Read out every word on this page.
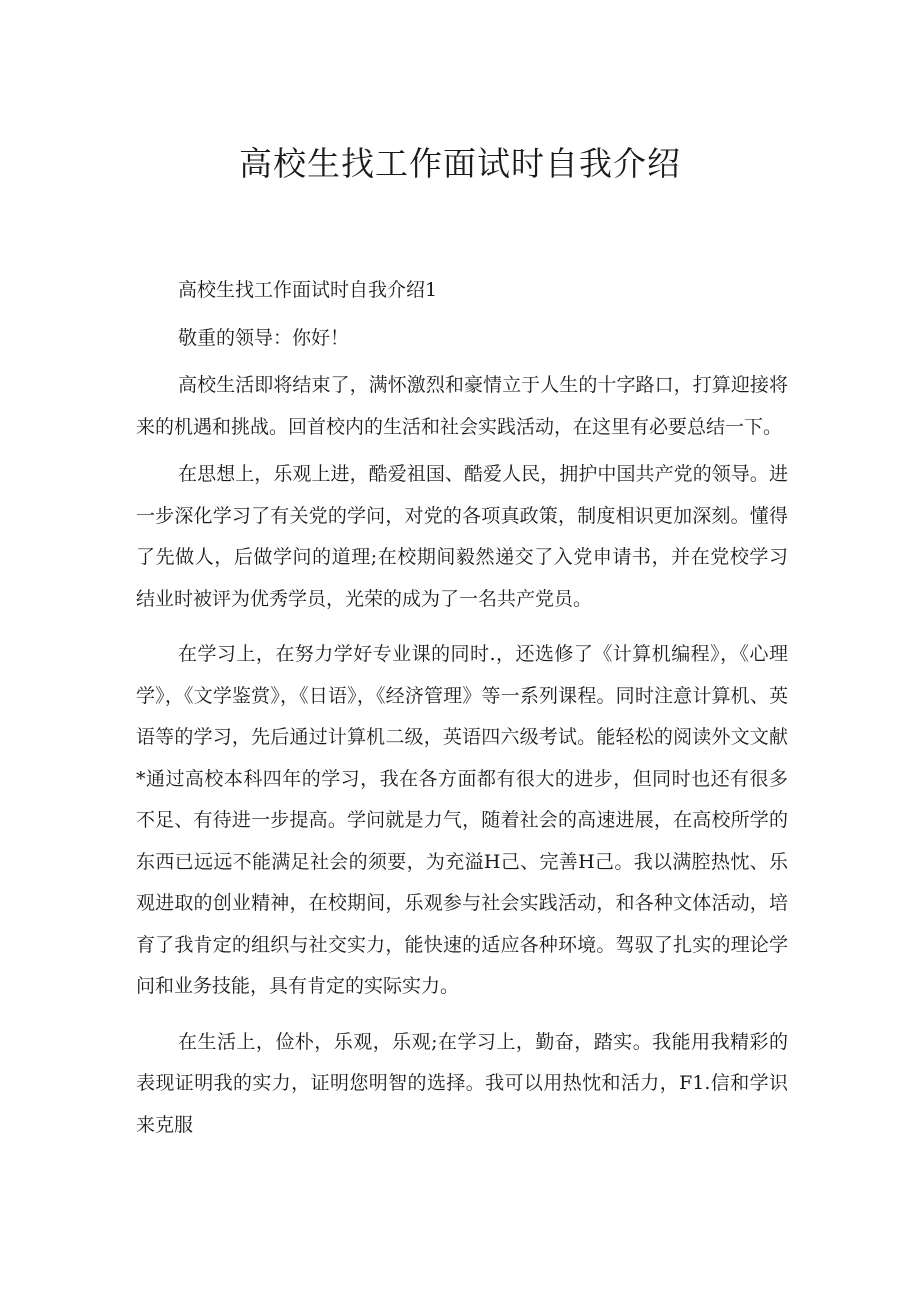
高校生找工作面试时自我介绍

高校生找工作面试时自我介绍1

敬重的领导：你好！

高校生活即将结束了，满怀激烈和豪情立于人生的十字路口，打算迎接将来的机遇和挑战。回首校内的生活和社会实践活动，在这里有必要总结一下。

在思想上，乐观上进，酷爱祖国、酷爱人民，拥护中国共产党的领导。进一步深化学习了有关党的学问，对党的各项真政策，制度相识更加深刻。懂得了先做人，后做学问的道理;在校期间毅然递交了入党申请书，并在党校学习结业时被评为优秀学员，光荣的成为了一名共产党员。

在学习上，在努力学好专业课的同时.，还选修了《计算机编程》，《心理学》，《文学鉴赏》，《日语》，《经济管理》等一系列课程。同时注意计算机、英语等的学习，先后通过计算机二级，英语四六级考试。能轻松的阅读外文文献*通过高校本科四年的学习，我在各方面都有很大的进步，但同时也还有很多不足、有待进一步提高。学问就是力气，随着社会的高速进展，在高校所学的东西已远远不能满足社会的须要，为充溢H己、完善H己。我以满腔热忱、乐观进取的创业精神，在校期间，乐观参与社会实践活动，和各种文体活动，培育了我肯定的组织与社交实力，能快速的适应各种环境。驾驭了扎实的理论学问和业务技能，具有肯定的实际实力。

在生活上，俭朴，乐观，乐观;在学习上，勤奋，踏实。我能用我精彩的表现证明我的实力，证明您明智的选择。我可以用热忱和活力，F1.信和学识来克服
